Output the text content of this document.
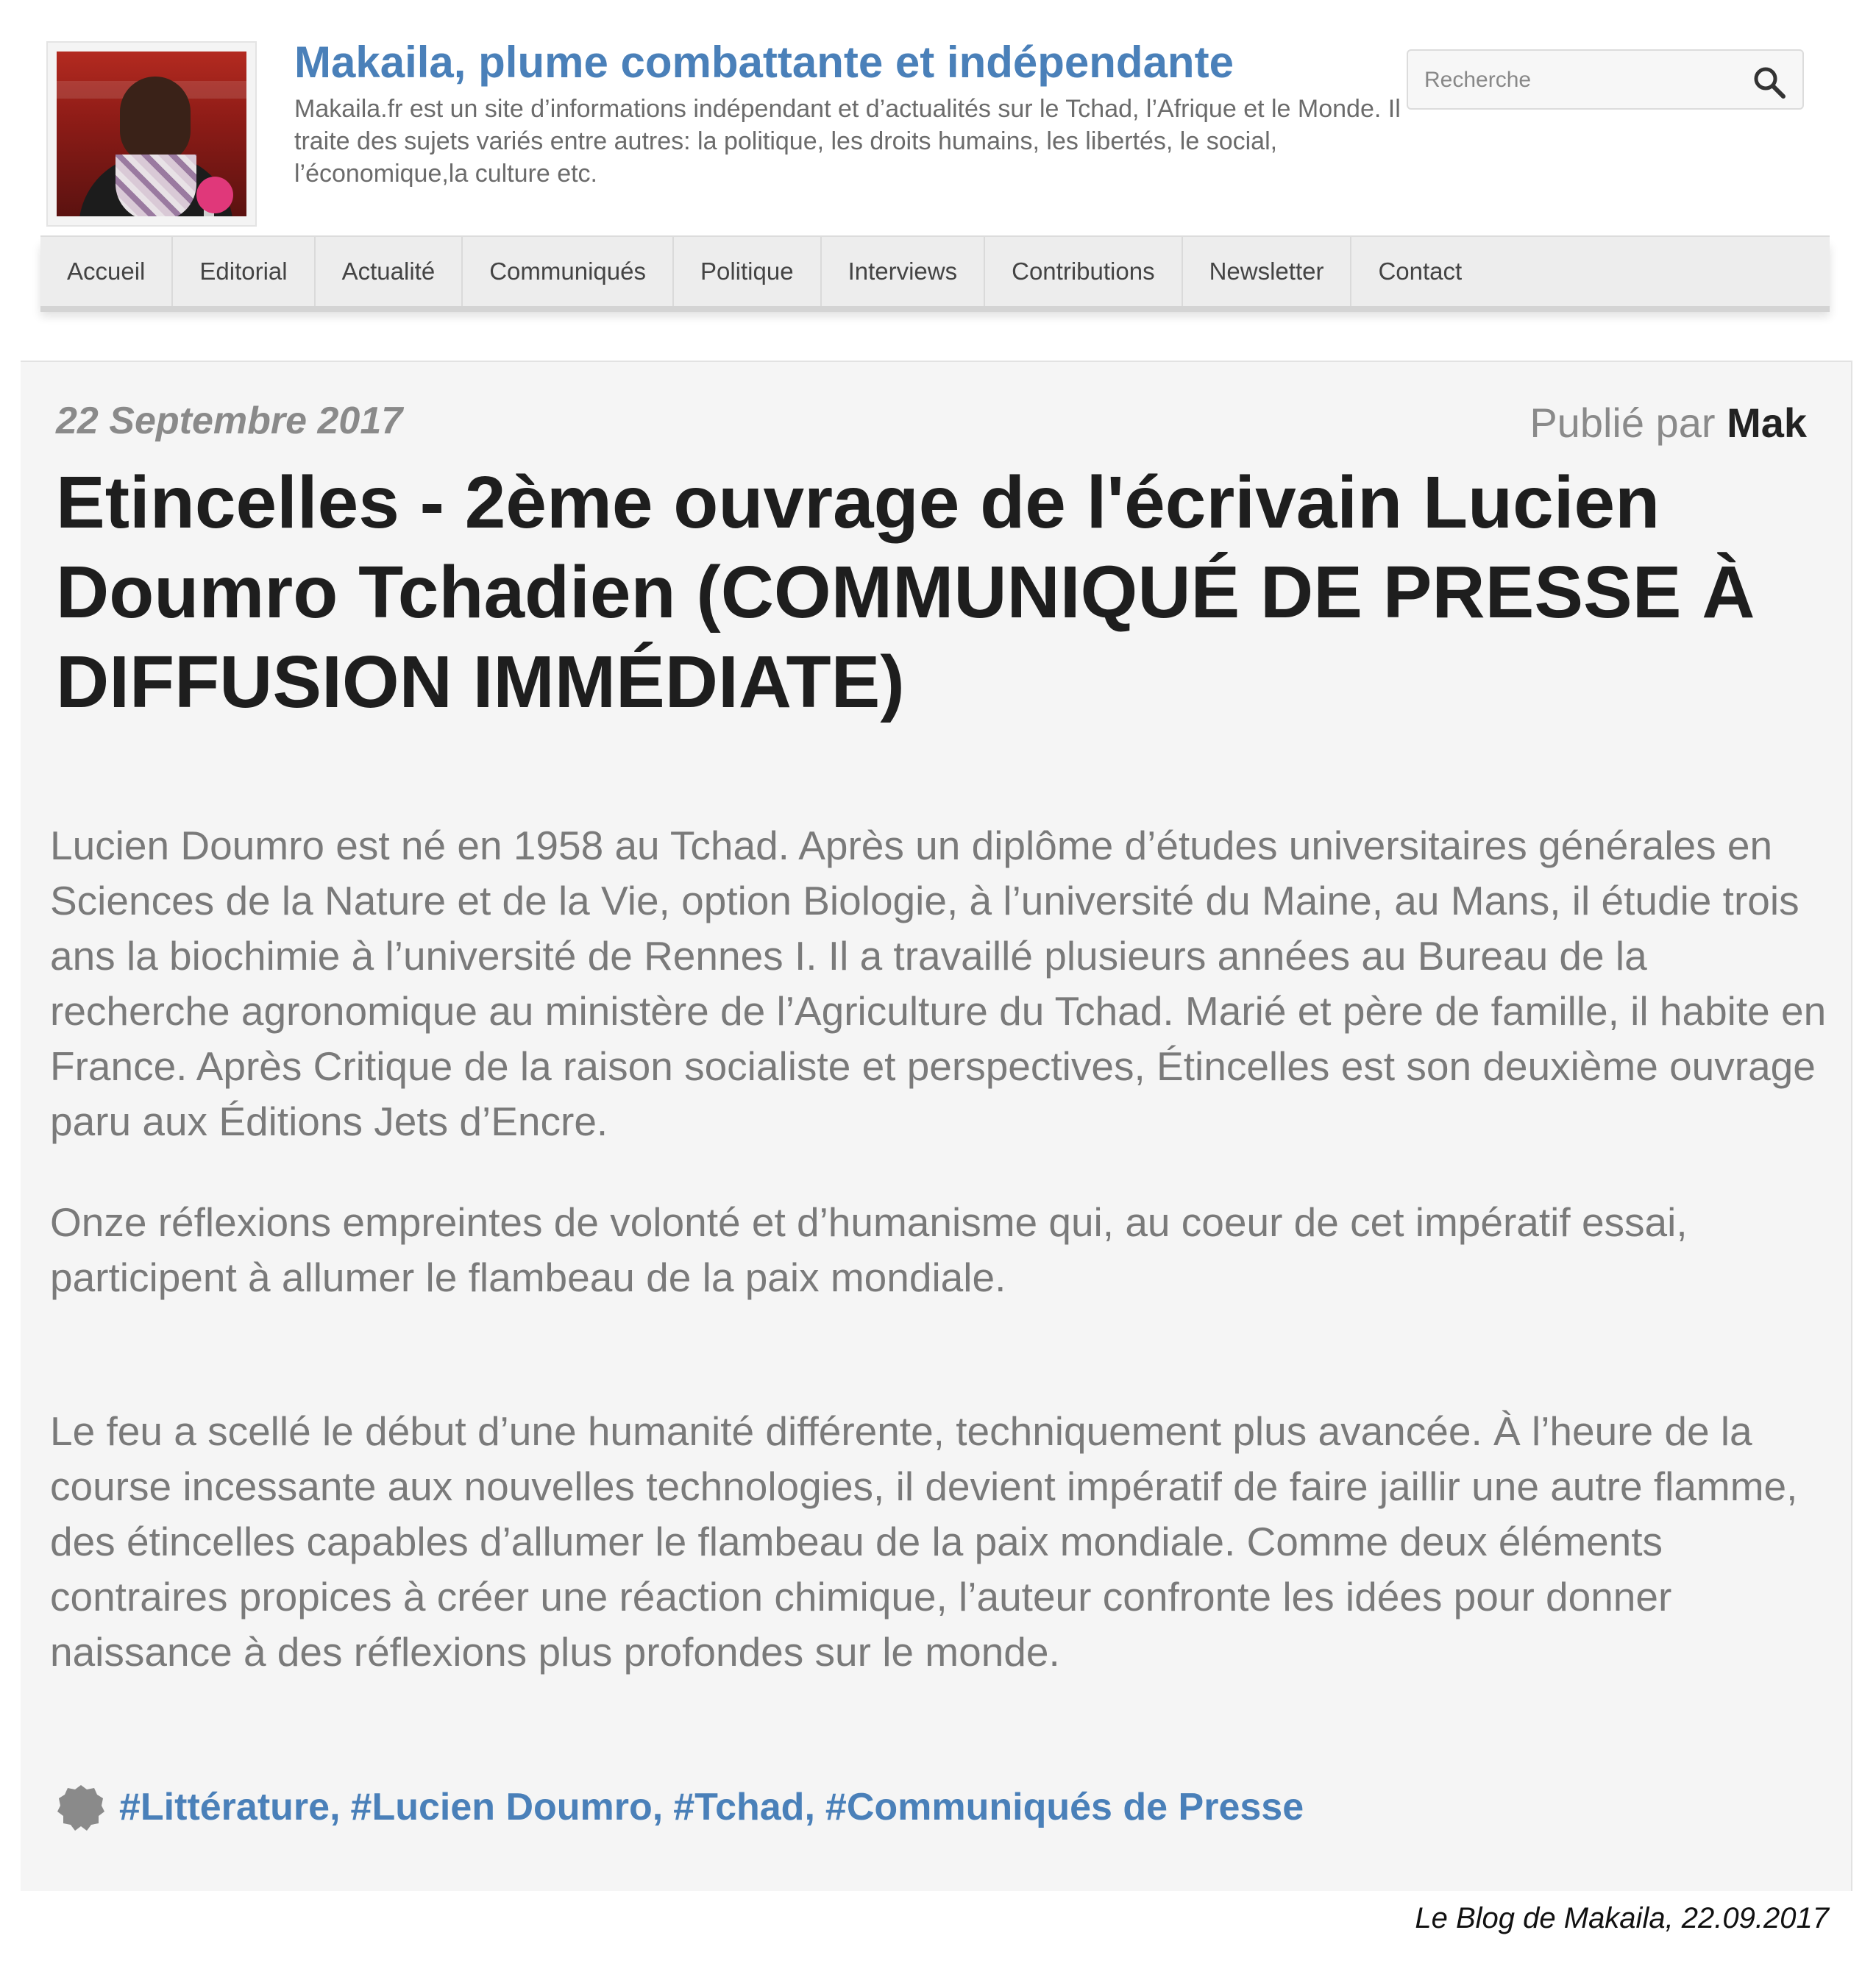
Makaila, plume combattante et indépendante
Makaila.fr est un site d’informations indépendant et d’actualités sur le Tchad, l’Afrique et le Monde. Il traite des sujets variés entre autres: la politique, les droits humains, les libertés, le social, l’économique,la culture etc.
Recherche
Accueil	Editorial	Actualité	Communiqués	Politique	Interviews	Contributions	Newsletter	Contact
22 Septembre 2017	Publié par Mak
Etincelles - 2ème ouvrage de l'écrivain Lucien Doumro Tchadien (COMMUNIQUÉ DE PRESSE À DIFFUSION IMMÉDIATE)

Lucien Doumro est né en 1958 au Tchad. Après un diplôme d’études universitaires générales en Sciences de la Nature et de la Vie, option Biologie, à l’université du Maine, au Mans, il étudie trois ans la biochimie à l’université de Rennes I. Il a travaillé plusieurs années au Bureau de la recherche agronomique au ministère de l’Agriculture du Tchad. Marié et père de famille, il habite en France. Après Critique de la raison socialiste et perspectives, Étincelles est son deuxième ouvrage paru aux Éditions Jets d’Encre.

Onze réflexions empreintes de volonté et d’humanisme qui, au coeur de cet impératif essai, participent à allumer le flambeau de la paix mondiale.

Le feu a scellé le début d’une humanité différente, techniquement plus avancée. À l’heure de la course incessante aux nouvelles technologies, il devient impératif de faire jaillir une autre flamme, des étincelles capables d’allumer le flambeau de la paix mondiale. Comme deux éléments contraires propices à créer une réaction chimique, l’auteur confronte les idées pour donner naissance à des réflexions plus profondes sur le monde.

#Littérature , #Lucien Doumro , #Tchad , #Communiqués de Presse
Le Blog de Makaila, 22.09.2017
